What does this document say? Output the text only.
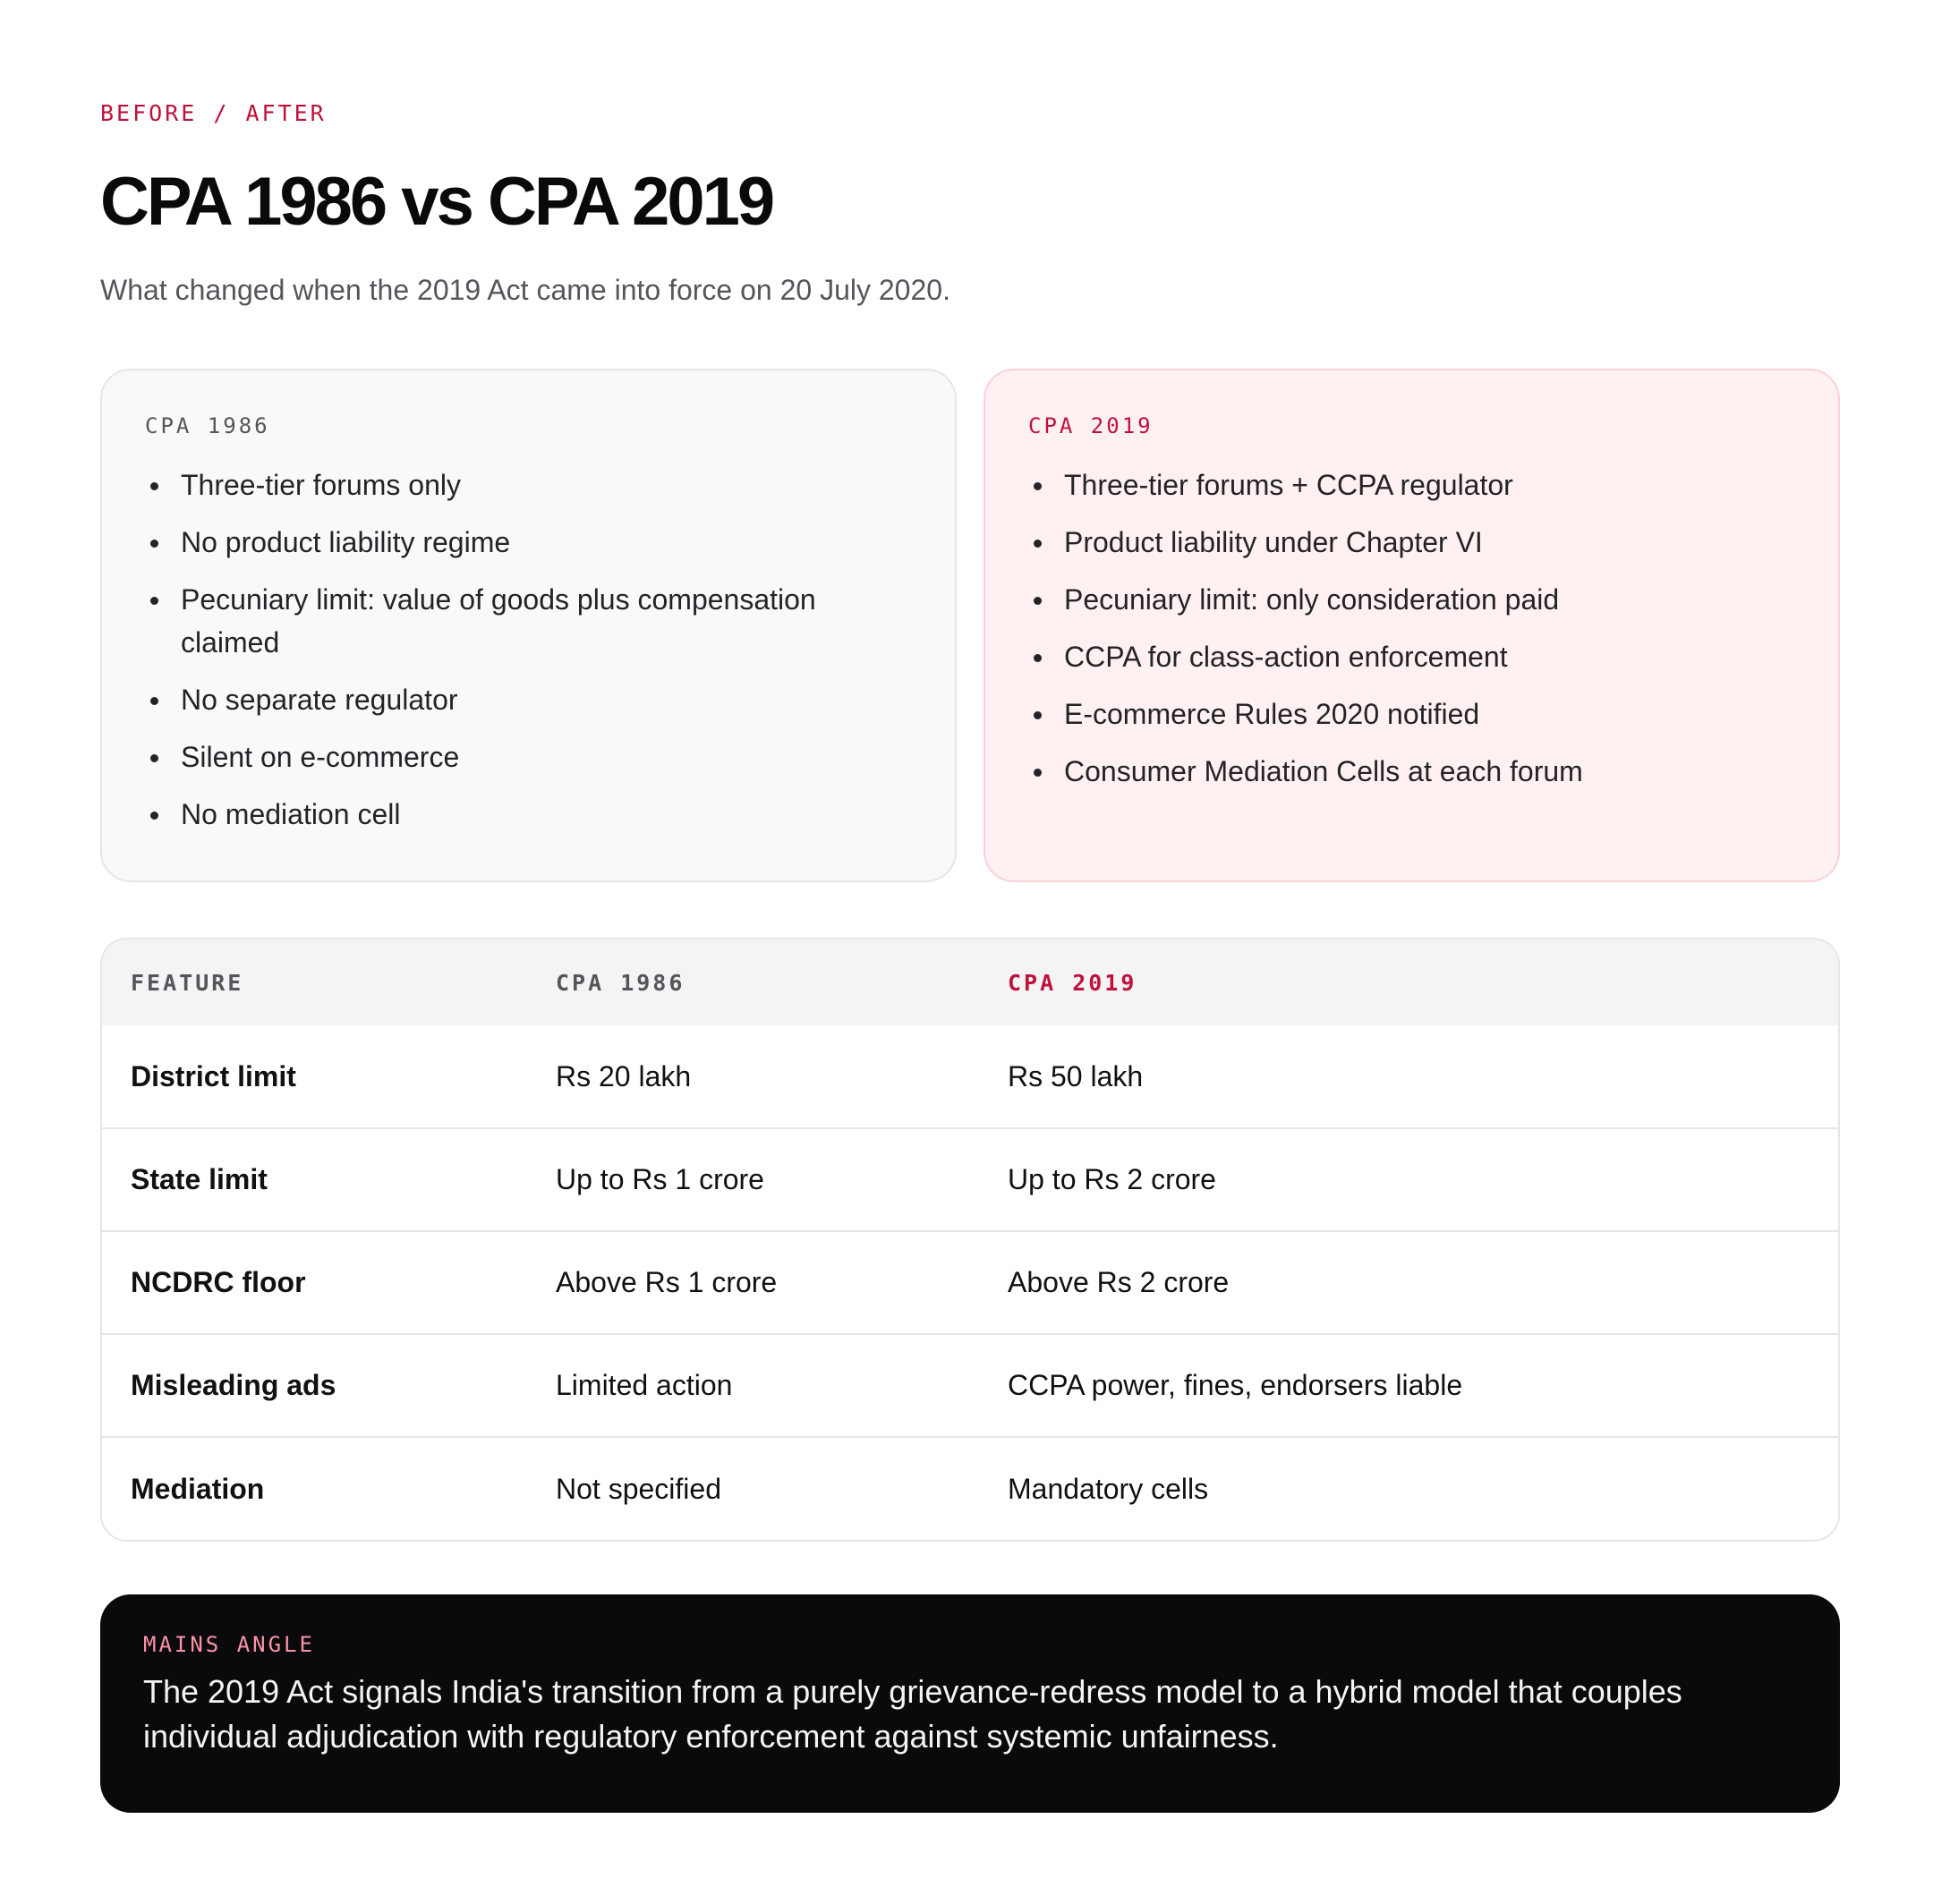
BEFORE / AFTER
CPA 1986 vs CPA 2019

What changed when the 2019 Act came into force on 20 July 2020.

CPA 1986
Three-tier forums only
No product liability regime
Pecuniary limit: value of goods plus compensation claimed
No separate regulator
Silent on e-commerce
No mediation cell
CPA 2019
Three-tier forums + CCPA regulator
Product liability under Chapter VI
Pecuniary limit: only consideration paid
CCPA for class-action enforcement
E-commerce Rules 2020 notified
Consumer Mediation Cells at each forum
FEATURE	CPA 1986	CPA 2019
District limit	Rs 20 lakh	Rs 50 lakh
State limit	Up to Rs 1 crore	Up to Rs 2 crore
NCDRC floor	Above Rs 1 crore	Above Rs 2 crore
Misleading ads	Limited action	CCPA power, fines, endorsers liable
Mediation	Not specified	Mandatory cells
MAINS ANGLE

The 2019 Act signals India's transition from a purely grievance-redress model to a hybrid model that couples individual adjudication with regulatory enforcement against systemic unfairness.
